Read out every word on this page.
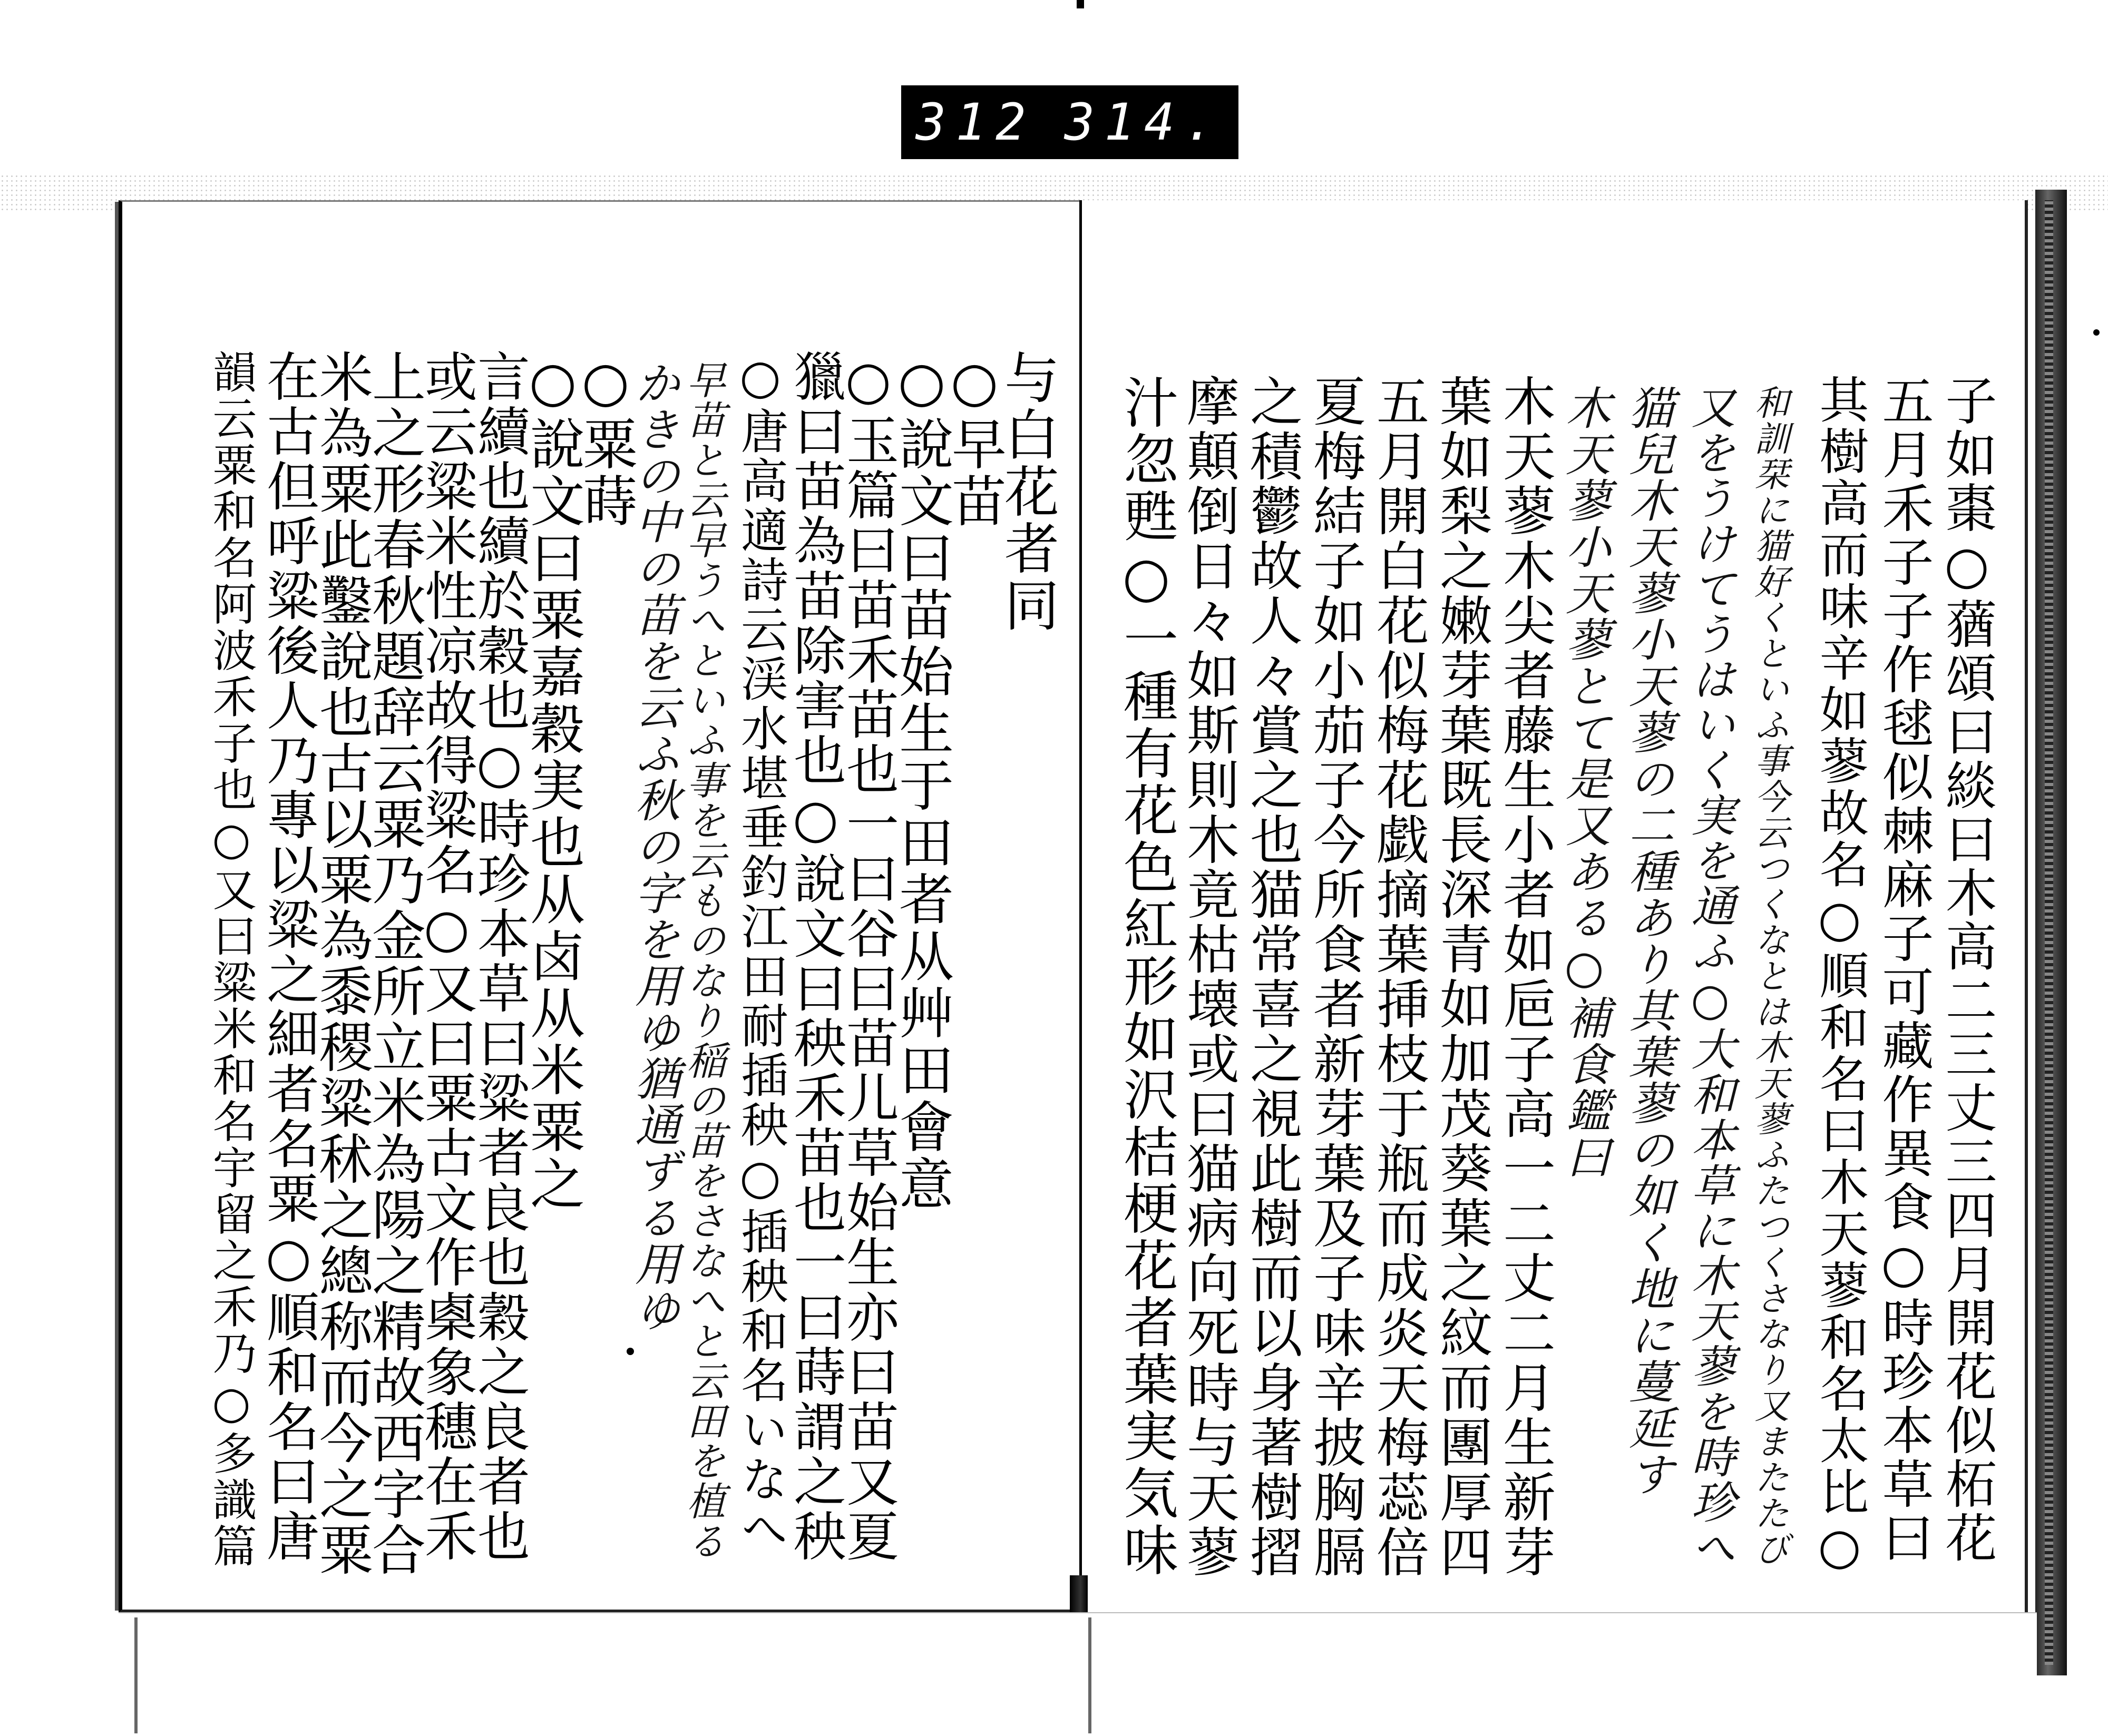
312 314.
与白花者同
○早苗
○說文曰苗始生于田者从艸田會意
○玉篇曰苗禾苗也一曰谷曰苗儿草始生亦曰苗又夏
獵曰苗為苗除害也○說文曰秧禾苗也一曰蒔謂之秧
○唐高適詩云渓水堪垂釣江田耐插秧○插秧和名いなへ
早苗と云早うへといふ事を云ものなり稲の苗をさなへと云田を植る
かきの中の苗を云ふ秋の字を用ゆ猶通ずる用ゆ
○粟蒔
○說文曰粟嘉穀実也从卤从米粟之
言續也續於穀也○時珍本草曰粱者良也穀之良者也
或云粱米性凉故得粱名○又曰粟古文作㮚象穗在禾
上之形春秋題辞云粟乃金所立米為陽之精故西字合
米為粟此鑿說也古以粟為黍稷粱秫之總称而今之粟
在古但呼粱後人乃專以粱之細者名粟○順和名曰唐
韻云粟和名阿波禾子也○又曰粱米和名宇留之禾乃○多識篇	子如棗○蕕頌曰緂曰木高二三丈三四月開花似柘花
五月禾子子作毬似棘麻子可藏作異食○時珍本草曰
其樹高而味辛如蓼故名○順和名曰木天蓼和名太比○
和訓栞に猫好くといふ事今云つくなとは木天蓼ふたつくさなり又またたび
又をうけてうはいく実を通ふ○大和本草に木天蓼を時珍へ
猫兒木天蓼小天蓼の二種あり其葉蓼の如く地に蔓延す
木天蓼小天蓼とて是又ある○補食鑑曰
木天蓼木尖者藤生小者如巵子高一二丈二月生新芽
葉如梨之嫩芽葉既長深青如加茂葵葉之紋而團厚四
五月開白花似梅花戯摘葉挿枝于瓶而成炎天梅蕊倍
夏梅結子如小茄子今所食者新芽葉及子味辛披胸膈
之積鬱故人々賞之也猫常喜之視此樹而以身著樹摺
摩顛倒日々如斯則木竟枯壊或曰猫病向死時与天蓼
汁忽甦○一種有花色紅形如沢桔梗花者葉実気味
